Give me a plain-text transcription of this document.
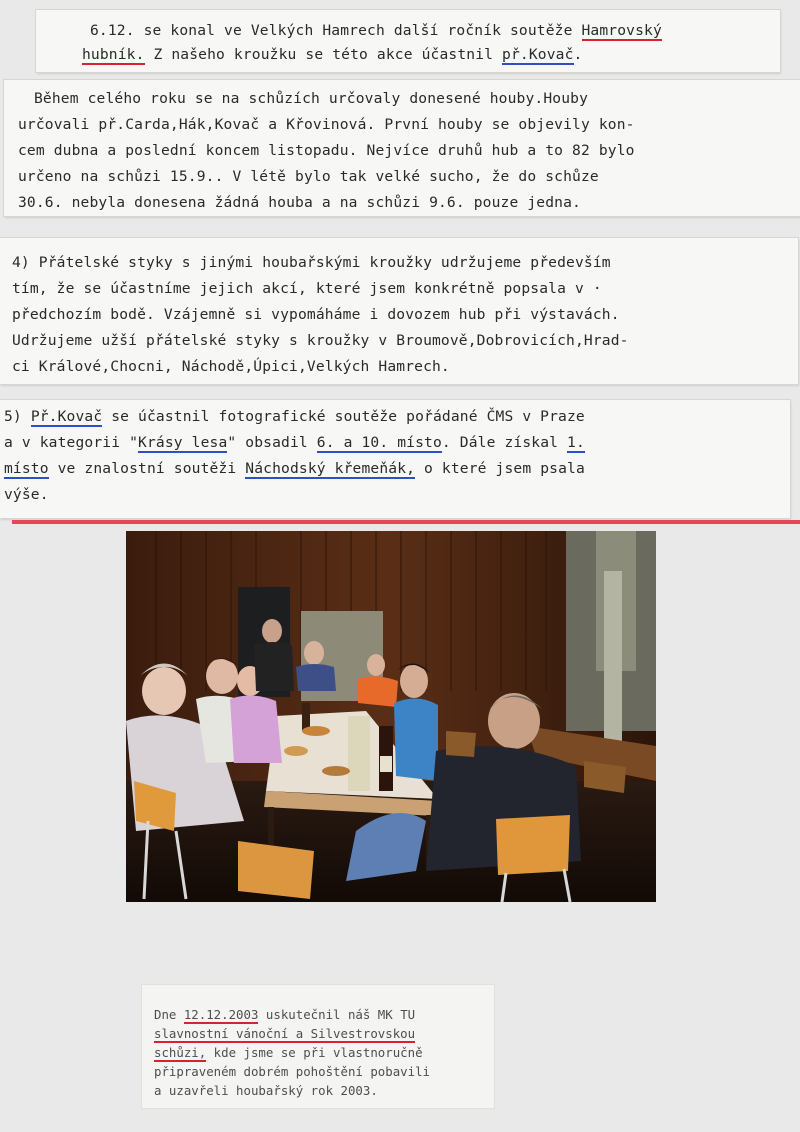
6.12. se konal ve Velkých Hamrech další ročník soutěže Hamrovský

hubník. Z našeho kroužku se této akce účastnil př.Kovač.

Během celého roku se na schůzích určovaly donesené houby.Houby

určovali př.Carda,Hák,Kovač a Křovinová. První houby se objevily kon-

cem dubna a poslední koncem listopadu. Nejvíce druhů hub a to 82 bylo

určeno na schůzi 15.9.. V létě bylo tak velké sucho, že do schůze

30.6. nebyla donesena žádná houba a na schůzi 9.6. pouze jedna.

4) Přátelské styky s jinými houbařskými kroužky udržujeme především

tím, že se účastníme jejich akcí, které jsem konkrétně popsala v ·

předchozím bodě. Vzájemně si vypomáháme i dovozem hub při výstavách.

Udržujeme užší přátelské styky s kroužky v Broumově,Dobrovicích,Hrad-

ci Králové,Chocni, Náchodě,Úpici,Velkých Hamrech.

5) Př.Kovač se účastnil fotografické soutěže pořádané ČMS v Praze

a v kategorii "Krásy lesa" obsadil 6. a 10. místo. Dále získal 1.

místo ve znalostní soutěži Náchodský křemeňák, o které jsem psala

výše.

Dne 12.12.2003 uskutečnil náš MK TU

slavnostní vánoční a Silvestrovskou

schůzi, kde jsme se při vlastnoručně

připraveném dobrém pohoštění pobavili

a uzavřeli houbařský rok 2003.
